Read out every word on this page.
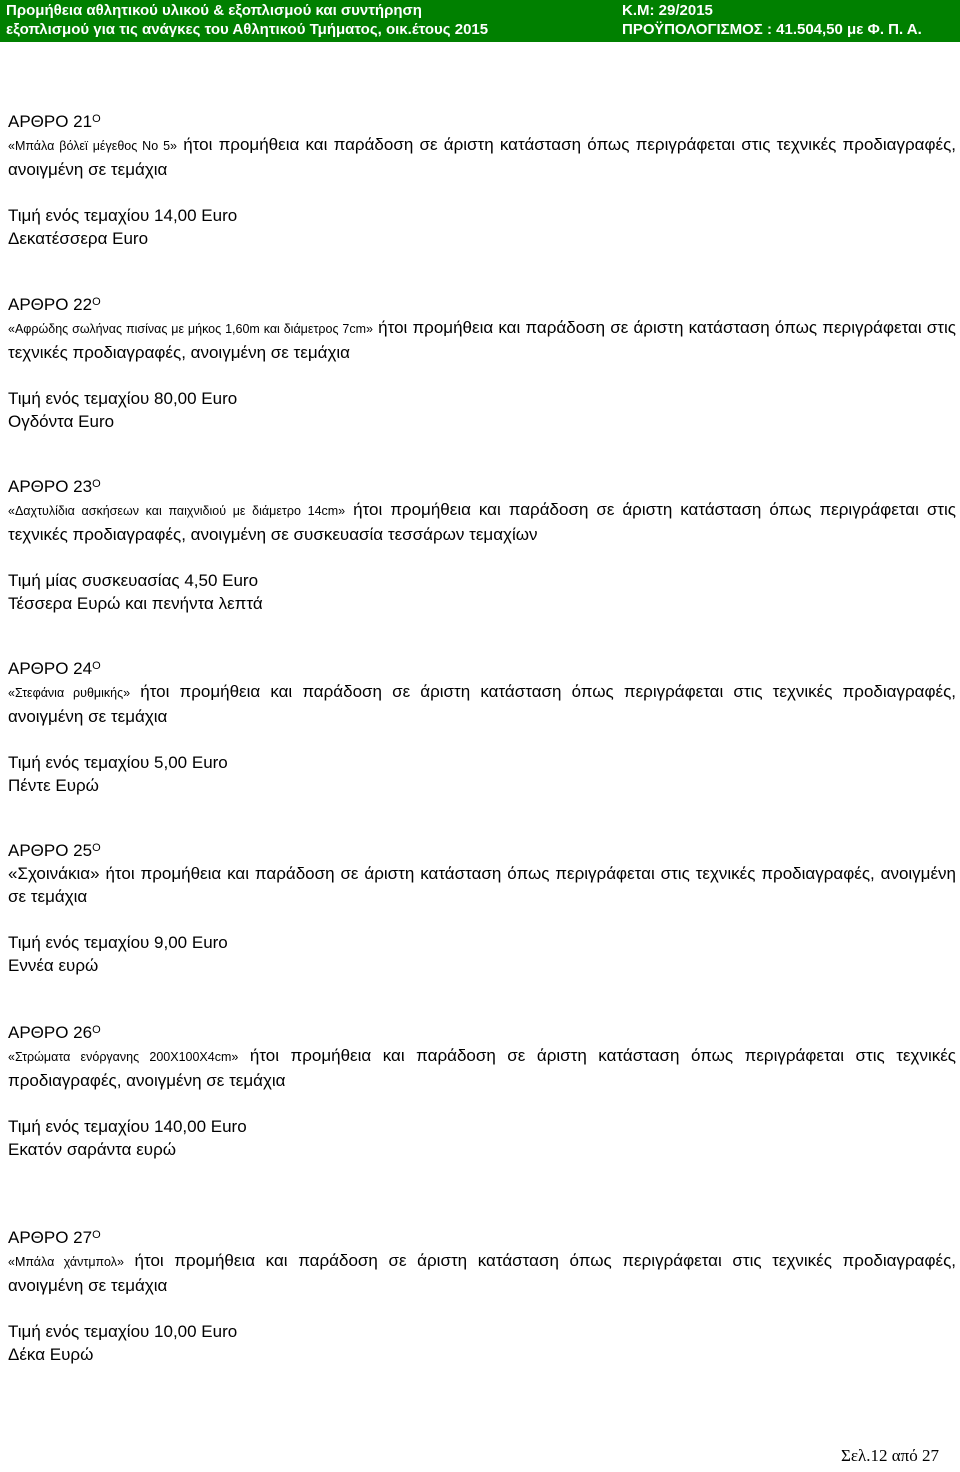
Προμήθεια αθλητικού υλικού & εξοπλισμού και συντήρηση
εξοπλισμού για τις ανάγκες του Αθλητικού Τμήματος, οικ.έτους 2015
Κ.Μ: 29/2015
ΠΡΟΫΠΟΛΟΓΙΣΜΟΣ : 41.504,50 με Φ. Π. Α.

ΑΡΘΡΟ $21^O$

«Μπάλα βόλεϊ μέγεθος Νο 5» ήτοι προμήθεια και παράδοση σε άριστη κατάσταση όπως περιγράφεται στις τεχνικές προδιαγραφές, ανοιγμένη σε τεμάχια

Τιμή ενός τεμαχίου 14,00 Euro
Δεκατέσσερα Euro

ΑΡΘΡΟ $22^O$

«Αφρώδης σωλήνας πισίνας με μήκος 1,60m και διάμετρος 7cm» ήτοι προμήθεια και παράδοση σε άριστη κατάσταση όπως περιγράφεται στις τεχνικές προδιαγραφές, ανοιγμένη σε τεμάχια

Τιμή ενός τεμαχίου 80,00 Euro
Ογδόντα Euro

ΑΡΘΡΟ $23^O$

«Δαχτυλίδια ασκήσεων και παιχνιδιού με διάμετρο 14cm» ήτοι προμήθεια και παράδοση σε άριστη κατάσταση όπως περιγράφεται στις τεχνικές προδιαγραφές, ανοιγμένη σε συσκευασία τεσσάρων τεμαχίων

Τιμή μίας συσκευασίας 4,50 Euro
Τέσσερα Ευρώ και πενήντα λεπτά

ΑΡΘΡΟ $24^O$

«Στεφάνια ρυθμικής» ήτοι προμήθεια και παράδοση σε άριστη κατάσταση όπως περιγράφεται στις τεχνικές προδιαγραφές, ανοιγμένη σε τεμάχια

Τιμή ενός τεμαχίου 5,00 Euro
Πέντε Ευρώ

ΑΡΘΡΟ $25^O$

«Σχοινάκια» ήτοι προμήθεια και παράδοση σε άριστη κατάσταση όπως περιγράφεται στις τεχνικές προδιαγραφές, ανοιγμένη σε τεμάχια

Τιμή ενός τεμαχίου 9,00 Euro
Εννέα ευρώ

ΑΡΘΡΟ $26^O$

«Στρώματα ενόργανης 200Χ100Χ4cm» ήτοι προμήθεια και παράδοση σε άριστη κατάσταση όπως περιγράφεται στις τεχνικές προδιαγραφές, ανοιγμένη σε τεμάχια

Τιμή ενός τεμαχίου 140,00 Euro
Εκατόν σαράντα ευρώ

ΑΡΘΡΟ $27^O$

«Μπάλα χάντμπολ» ήτοι προμήθεια και παράδοση σε άριστη κατάσταση όπως περιγράφεται στις τεχνικές προδιαγραφές, ανοιγμένη σε τεμάχια

Τιμή ενός τεμαχίου 10,00 Euro
Δέκα Ευρώ
Σελ.12 από 27
